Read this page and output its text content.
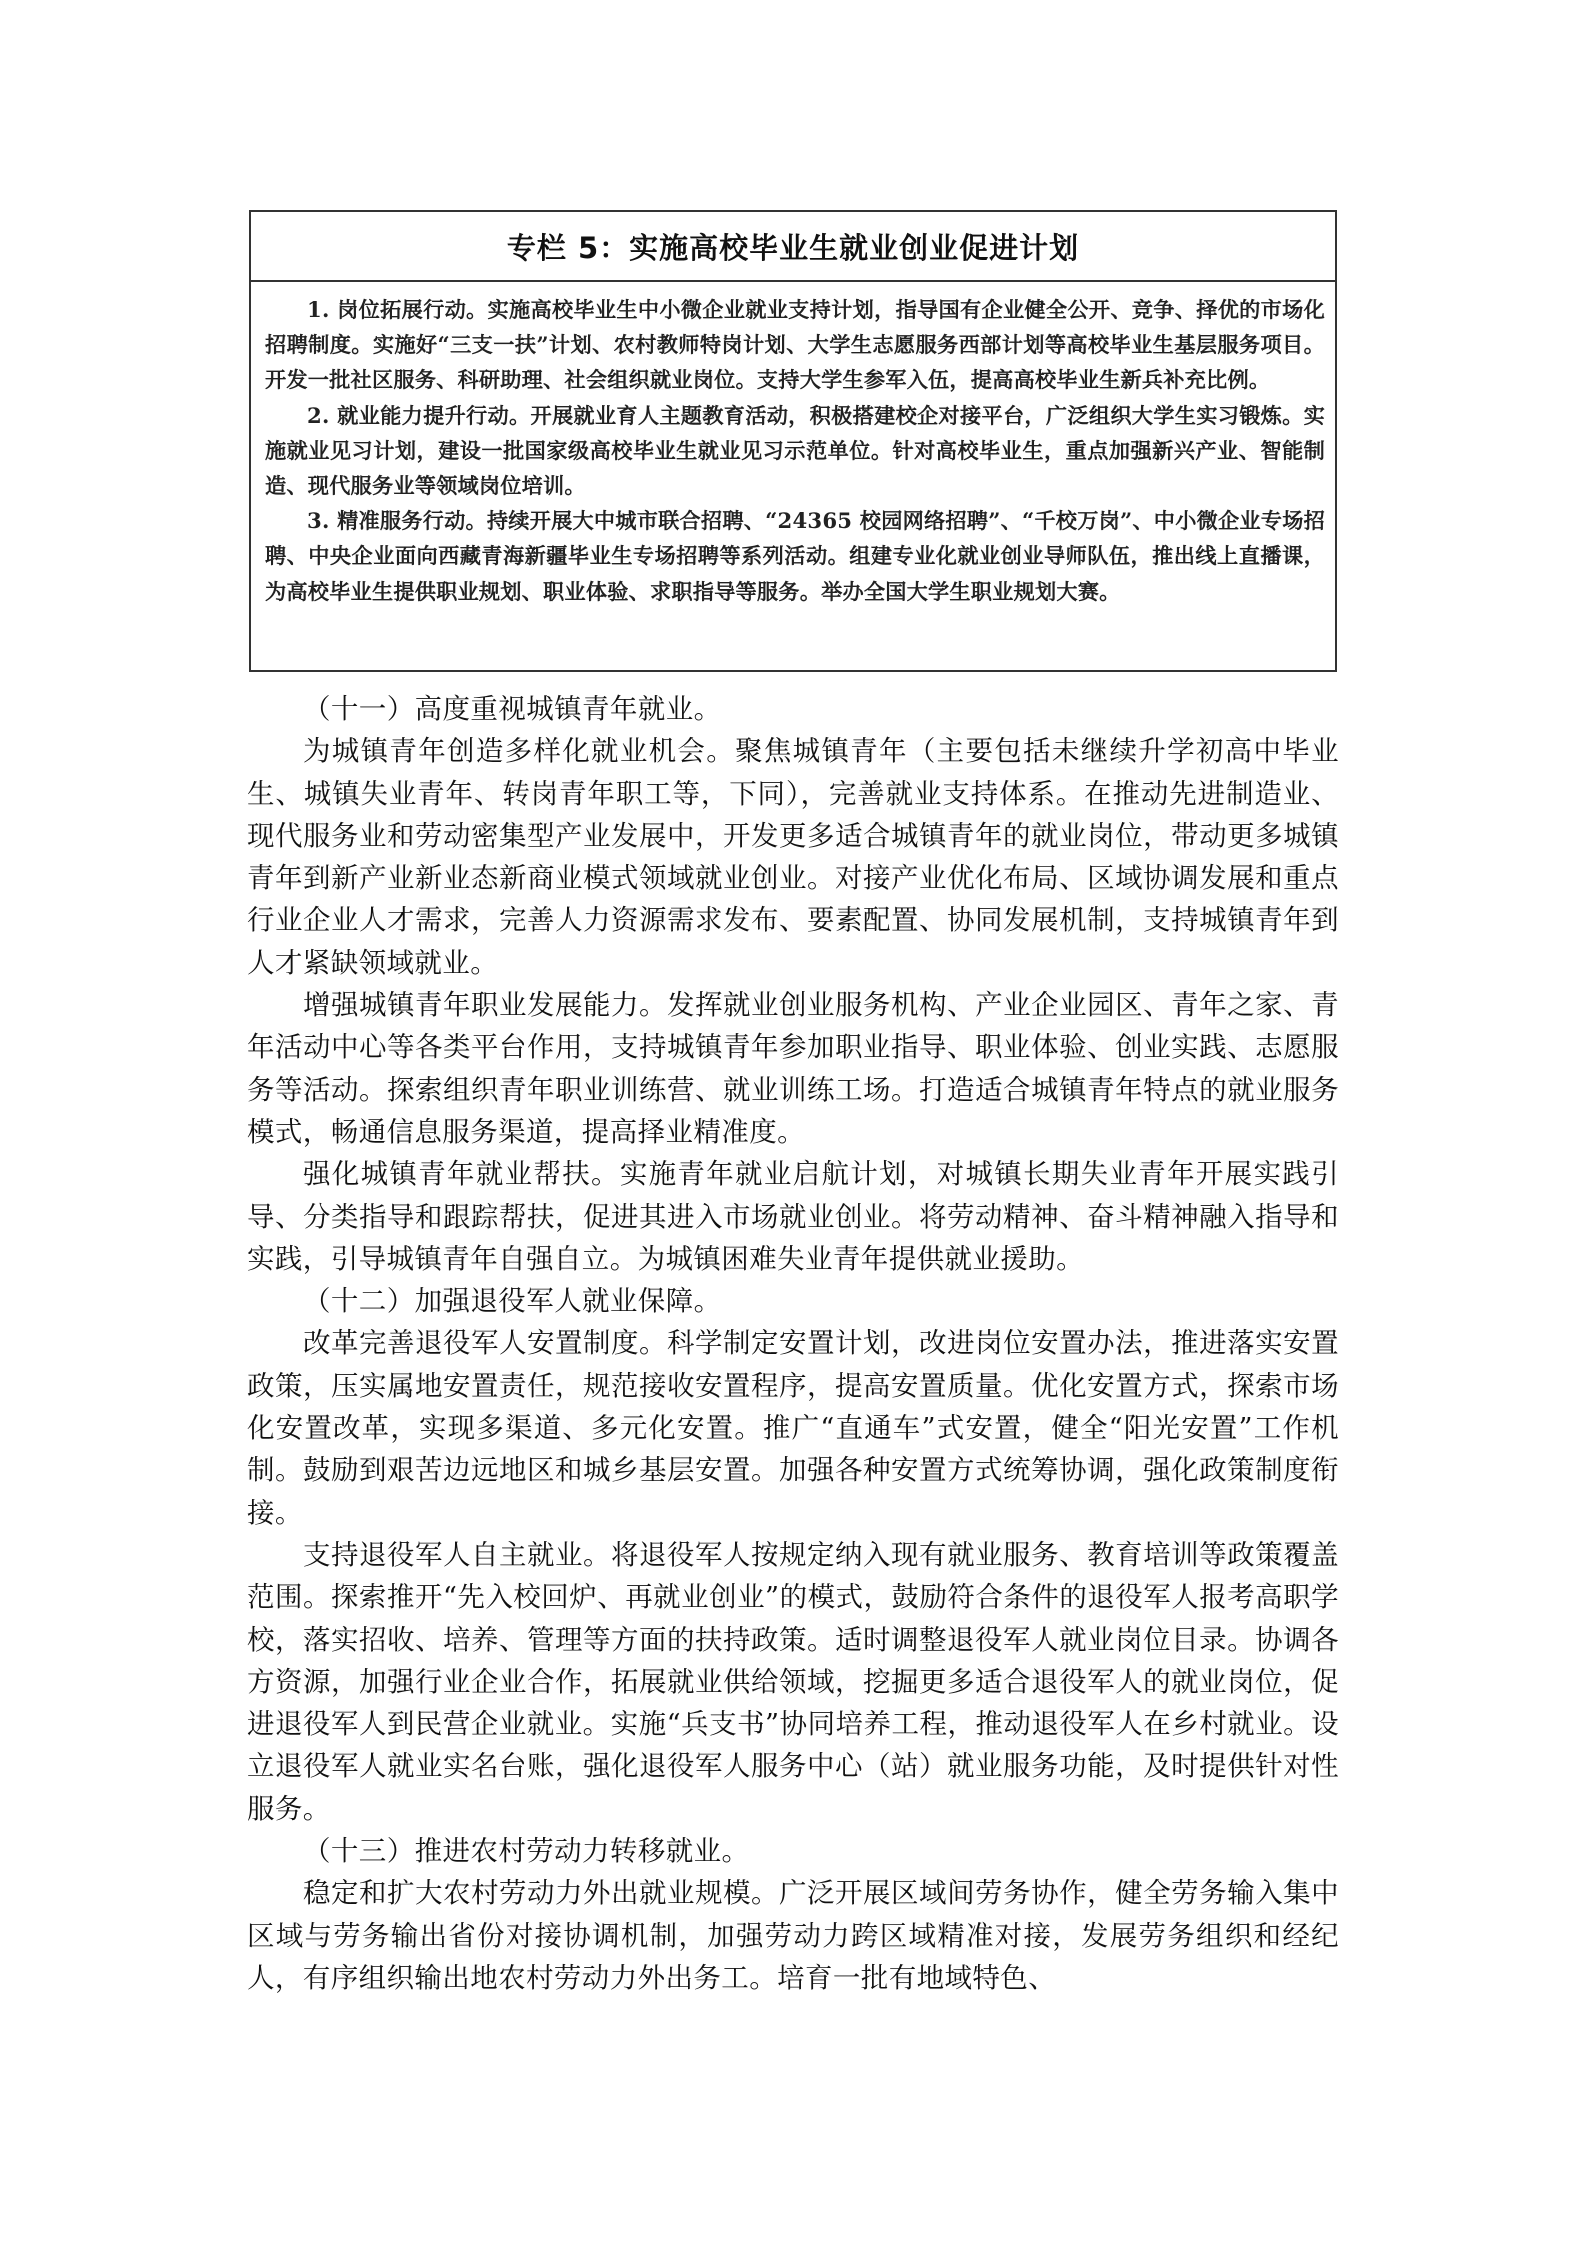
专栏 5：实施高校毕业生就业创业促进计划

1. 岗位拓展行动。实施高校毕业生中小微企业就业支持计划，指导国有企业健全公开、竞争、择优的市场化招聘制度。实施好“三支一扶”计划、农村教师特岗计划、大学生志愿服务西部计划等高校毕业生基层服务项目。开发一批社区服务、科研助理、社会组织就业岗位。支持大学生参军入伍，提高高校毕业生新兵补充比例。

2. 就业能力提升行动。开展就业育人主题教育活动，积极搭建校企对接平台，广泛组织大学生实习锻炼。实施就业见习计划，建设一批国家级高校毕业生就业见习示范单位。针对高校毕业生，重点加强新兴产业、智能制造、现代服务业等领域岗位培训。

3. 精准服务行动。持续开展大中城市联合招聘、“24365 校园网络招聘”、“千校万岗”、中小微企业专场招聘、中央企业面向西藏青海新疆毕业生专场招聘等系列活动。组建专业化就业创业导师队伍，推出线上直播课，为高校毕业生提供职业规划、职业体验、求职指导等服务。举办全国大学生职业规划大赛。

（十一）高度重视城镇青年就业。

为城镇青年创造多样化就业机会。聚焦城镇青年（主要包括未继续升学初高中毕业生、城镇失业青年、转岗青年职工等，下同），完善就业支持体系。在推动先进制造业、现代服务业和劳动密集型产业发展中，开发更多适合城镇青年的就业岗位，带动更多城镇青年到新产业新业态新商业模式领域就业创业。对接产业优化布局、区域协调发展和重点行业企业人才需求，完善人力资源需求发布、要素配置、协同发展机制，支持城镇青年到人才紧缺领域就业。

增强城镇青年职业发展能力。发挥就业创业服务机构、产业企业园区、青年之家、青年活动中心等各类平台作用，支持城镇青年参加职业指导、职业体验、创业实践、志愿服务等活动。探索组织青年职业训练营、就业训练工场。打造适合城镇青年特点的就业服务模式，畅通信息服务渠道，提高择业精准度。

强化城镇青年就业帮扶。实施青年就业启航计划，对城镇长期失业青年开展实践引导、分类指导和跟踪帮扶，促进其进入市场就业创业。将劳动精神、奋斗精神融入指导和实践，引导城镇青年自强自立。为城镇困难失业青年提供就业援助。

（十二）加强退役军人就业保障。

改革完善退役军人安置制度。科学制定安置计划，改进岗位安置办法，推进落实安置政策，压实属地安置责任，规范接收安置程序，提高安置质量。优化安置方式，探索市场化安置改革，实现多渠道、多元化安置。推广“直通车”式安置，健全“阳光安置”工作机制。鼓励到艰苦边远地区和城乡基层安置。加强各种安置方式统筹协调，强化政策制度衔接。

支持退役军人自主就业。将退役军人按规定纳入现有就业服务、教育培训等政策覆盖范围。探索推开“先入校回炉、再就业创业”的模式，鼓励符合条件的退役军人报考高职学校，落实招收、培养、管理等方面的扶持政策。适时调整退役军人就业岗位目录。协调各方资源，加强行业企业合作，拓展就业供给领域，挖掘更多适合退役军人的就业岗位，促进退役军人到民营企业就业。实施“兵支书”协同培养工程，推动退役军人在乡村就业。设立退役军人就业实名台账，强化退役军人服务中心（站）就业服务功能，及时提供针对性服务。

（十三）推进农村劳动力转移就业。

稳定和扩大农村劳动力外出就业规模。广泛开展区域间劳务协作，健全劳务输入集中区域与劳务输出省份对接协调机制，加强劳动力跨区域精准对接，发展劳务组织和经纪人，有序组织输出地农村劳动力外出务工。培育一批有地域特色、
